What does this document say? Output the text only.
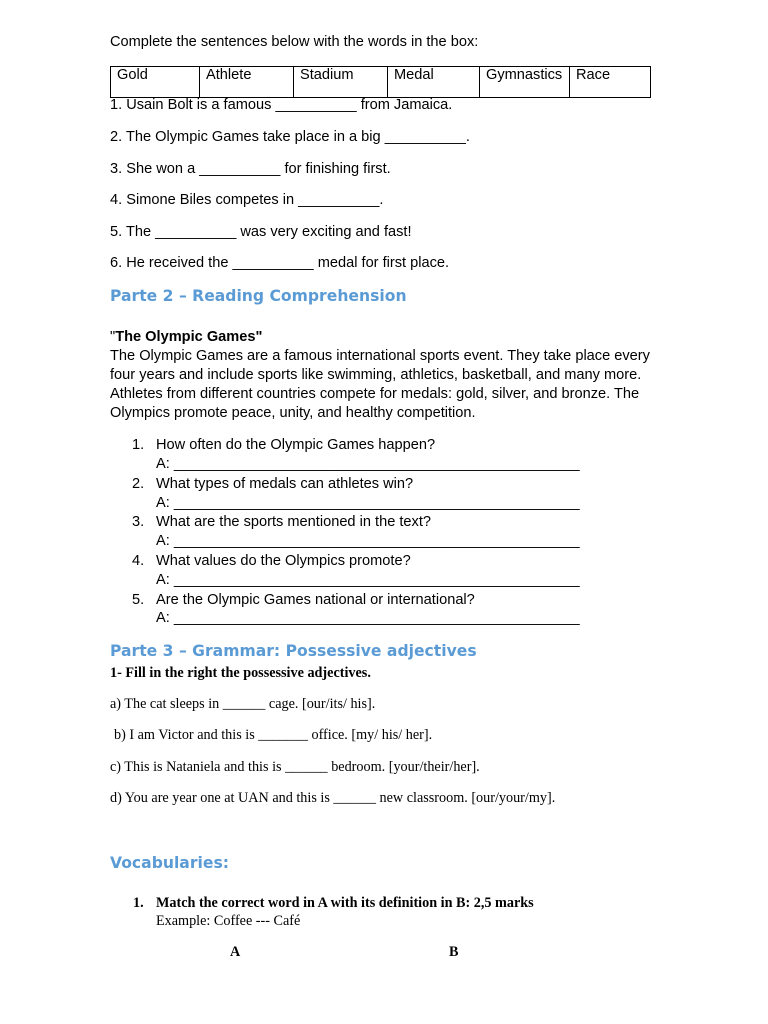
Complete the sentences below with the words in the box:
Gold	Athlete	Stadium	Medal	Gymnastics	Race
1. Usain Bolt is a famous __________ from Jamaica.
2. The Olympic Games take place in a big __________.
3. She won a __________ for finishing first.
4. Simone Biles competes in __________.
5. The __________ was very exciting and fast!
6. He received the __________ medal for first place.
Parte 2 – Reading Comprehension
"The Olympic Games"
The Olympic Games are a famous international sports event. They take place every four years and include sports like swimming, athletics, basketball, and many more. Athletes from different countries compete for medals: gold, silver, and bronze. The Olympics promote peace, unity, and healthy competition.
1. How often do the Olympic Games happen?
A: __________________________________________________
2. What types of medals can athletes win?
A: __________________________________________________
3. What are the sports mentioned in the text?
A: __________________________________________________
4. What values do the Olympics promote?
A: __________________________________________________
5. Are the Olympic Games national or international?
A: __________________________________________________
Parte 3 – Grammar: Possessive adjectives
1- Fill in the right the possessive adjectives.
a) The cat sleeps in ______ cage. [our/its/ his].
b) I am Victor and this is _______ office. [my/ his/ her].
c) This is Nataniela and this is ______ bedroom. [your/their/her].
d) You are year one at UAN and this is ______ new classroom. [our/your/my].
Vocabularies:
1. Match the correct word in A with its definition in B: 2,5 marks
Example: Coffee --- Café
A	B
